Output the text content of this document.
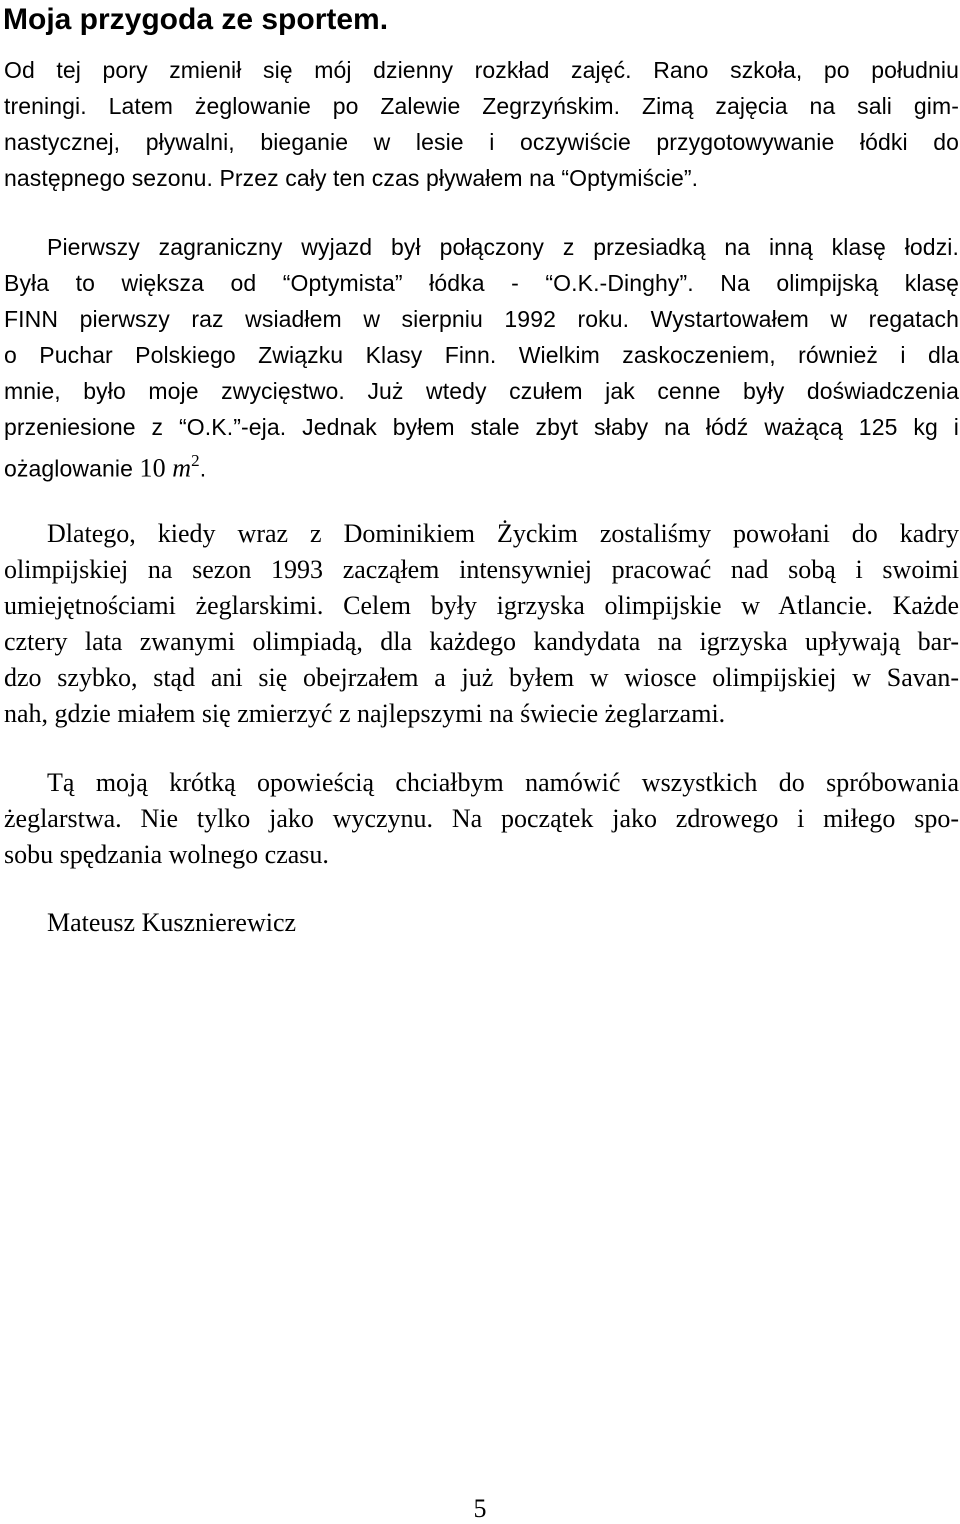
Moja przygoda ze sportem.
Od tej pory zmienił się mój dzienny rozkład zajęć. Rano szkoła, po południu
treningi. Latem żeglowanie po Zalewie Zegrzyńskim. Zimą zajęcia na sali gim-
nastycznej, pływalni, bieganie w lesie i oczywiście przygotowywanie łódki do
następnego sezonu. Przez cały ten czas pływałem na “Optymiście”.
Pierwszy zagraniczny wyjazd był połączony z przesiadką na inną klasę łodzi.
Była to większa od “Optymista” łódka - “O.K.-Dinghy”. Na olimpijską klasę
FINN pierwszy raz wsiadłem w sierpniu 1992 roku. Wystartowałem w regatach
o Puchar Polskiego Związku Klasy Finn. Wielkim zaskoczeniem, również i dla
mnie, było moje zwycięstwo. Już wtedy czułem jak cenne były doświadczenia
przeniesione z “O.K.”-eja. Jednak byłem stale zbyt słaby na łódź ważącą 125 kg i
ożaglowanie 10 $m^2$.
Dlatego, kiedy wraz z Dominikiem Życkim zostaliśmy powołani do kadry
olimpijskiej na sezon 1993 zacząłem intensywniej pracować nad sobą i swoimi
umiejętnościami żeglarskimi. Celem były igrzyska olimpijskie w Atlancie. Każde
cztery lata zwanymi olimpiadą, dla każdego kandydata na igrzyska upływają bar-
dzo szybko, stąd ani się obejrzałem a już byłem w wiosce olimpijskiej w Savan-
nah, gdzie miałem się zmierzyć z najlepszymi na świecie żeglarzami.
Tą moją krótką opowieścią chciałbym namówić wszystkich do spróbowania
żeglarstwa. Nie tylko jako wyczynu. Na początek jako zdrowego i miłego spo-
sobu spędzania wolnego czasu.

Mateusz Kusznierewicz

5
